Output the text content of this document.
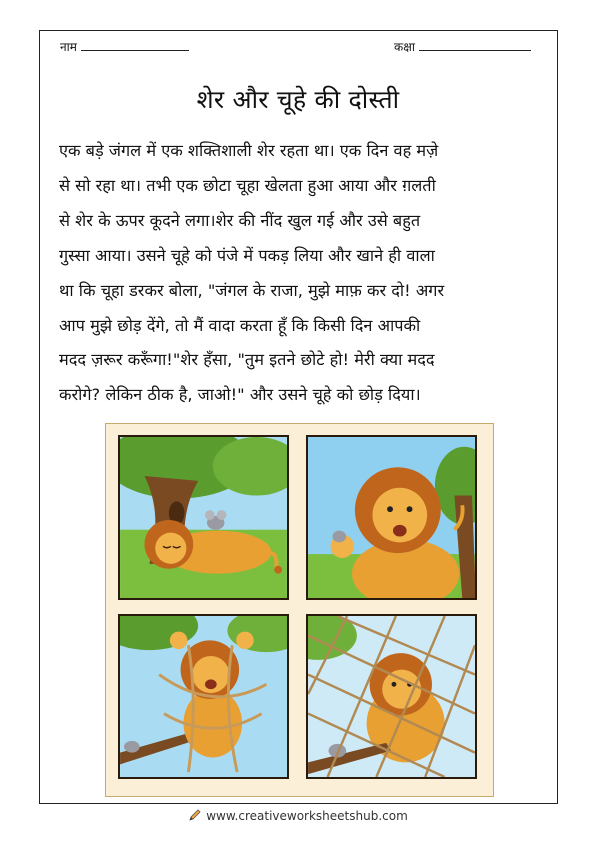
नाम	कक्षा
शेर और चूहे की दोस्ती

एक बड़े जंगल में एक शक्तिशाली शेर रहता था। एक दिन वह मज़े
से सो रहा था। तभी एक छोटा चूहा खेलता हुआ आया और ग़लती
से शेर के ऊपर कूदने लगा।शेर की नींद खुल गई और उसे बहुत
गुस्सा आया। उसने चूहे को पंजे में पकड़ लिया और खाने ही वाला
था कि चूहा डरकर बोला, "जंगल के राजा, मुझे माफ़ कर दो! अगर
आप मुझे छोड़ देंगे, तो मैं वादा करता हूँ कि किसी दिन आपकी
मदद ज़रूर करूँगा!"शेर हँसा, "तुम इतने छोटे हो! मेरी क्या मदद
करोगे? लेकिन ठीक है, जाओ!" और उसने चूहे को छोड़ दिया।

www.creativeworksheetshub.com
